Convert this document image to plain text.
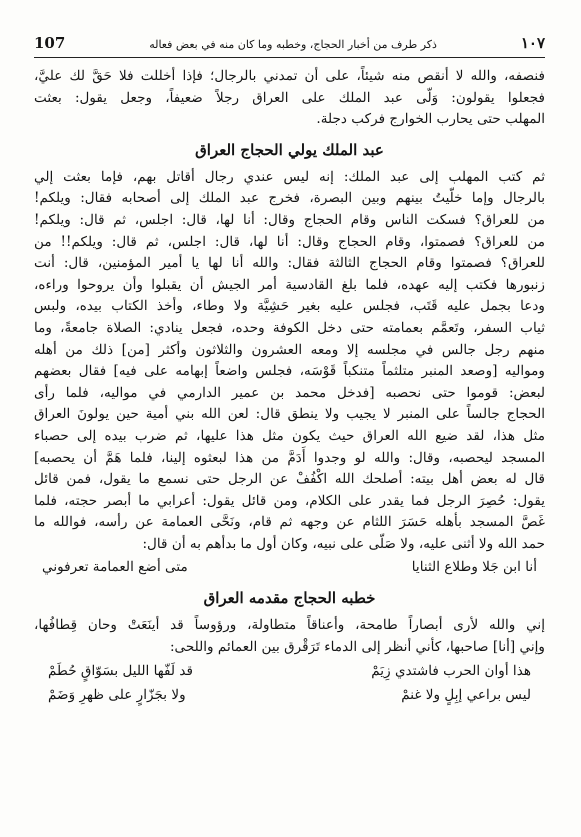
107	ذكر طرف من أخبار الحجاج، وخطبه وما كان منه في بعض فعاله	١٠٧
فنصفه، والله لا أنقص منه شيئاً، على أن تمدني بالرجال؛ فإذا أخللت فلا حَقَّ لك عليَّ،
فجعلوا يقولون: وَلّى عبد الملك على العراق رجلاً ضعيفاً، وجعل يقول: بعثت
المهلب حتى يحارب الخوارج فركب دجلة.
عبد الملك يولي الحجاج العراق
ثم كتب المهلب إلى عبد الملك: إنه ليس عندي رجال أقاتل بهم، فإما بعثت إلي
بالرجال وإما خلّيتُ بينهم وبين البصرة، فخرج عبد الملك إلى أصحابه فقال: ويلكم!
من للعراق؟ فسكت الناس وقام الحجاج وقال: أنا لها، قال: اجلس، ثم قال: ويلكم!
من للعراق؟ فصمتوا، وقام الحجاج وقال: أنا لها، قال: اجلس، ثم قال: ويلكم!! من
للعراق؟ فصمتوا وقام الحجاج الثالثة فقال: والله أنا لها يا أمير المؤمنين، قال: أنت
زنبورها فكتب إليه عهده، فلما بلغ القادسية أمر الجيش أن يقبلوا وأن يروحوا وراءه،
ودعا بجمل عليه قَتَب، فجلس عليه بغير حَشِيَّة ولا وطاء، وأخذ الكتاب بيده، ولبس
ثياب السفر، وتَعمَّم بعمامته حتى دخل الكوفة وحده، فجعل ينادي: الصلاة جامعةً، وما
منهم رجل جالس في مجلسه إلا ومعه العشرون والثلاثون وأكثر [من] ذلك من أهله
ومواليه [وصعد المنبر متلثماً متنكباً قَوْسَه، فجلس واضعاً إبهامه على فيه] فقال بعضهم
لبعض: قوموا حتى نحصبه [فدخل محمد بن عمير الدارمي في مواليه، فلما رأى
الحجاج جالساً على المنبر لا يجيب ولا ينطق قال: لعن الله بني أمية حين يولونَ العراق
مثل هذا، لقد ضيع الله العراق حيث يكون مثل هذا عليها، ثم ضرب بيده إلى حصباء
المسجد ليحصبه، وقال: والله لو وجدوا أَدَمَّ من هذا لبعثوه إلينا، فلما هَمَّ أن يحصبه]
قال له بعض أهل بيته: أصلحك الله اكْفُفْ عن الرجل حتى نسمع ما يقول، فمن قائل
يقول: حُصِرَ الرجل فما يقدر على الكلام، ومن قائل يقول: أعرابي ما أبصر حجته، فلما
غَصَّ المسجد بأهله حَسَرَ اللثام عن وجهه ثم قام، ونَحَّى العمامة عن رأسه، فوالله ما
حمد الله ولا أثنى عليه، ولا صَلّى على نبيه، وكان أول ما بدأهم به أن قال:
أنا ابن جَلا وطلاع الثنايا
متى أضع العمامة تعرفوني
خطبه الحجاج مقدمه العراق
إني والله لأرى أبصاراً طامحة، وأعناقاً متطاولة، ورؤوساً قد أينَعَتْ وحان قِطافُها،
وإني [أنا] صاحبها، كأني أنظر إلى الدماء تَرَقْرق بين العمائم واللحى:
هذا أوان الحرب فاشتدي زِيَمْ
قد لَفّها الليل بسَوّاقٍ حُطَمْ
ليس براعي إبِلٍ ولا غنمْ
ولا بجَزّارٍ على ظهرِ وَضَمْ
